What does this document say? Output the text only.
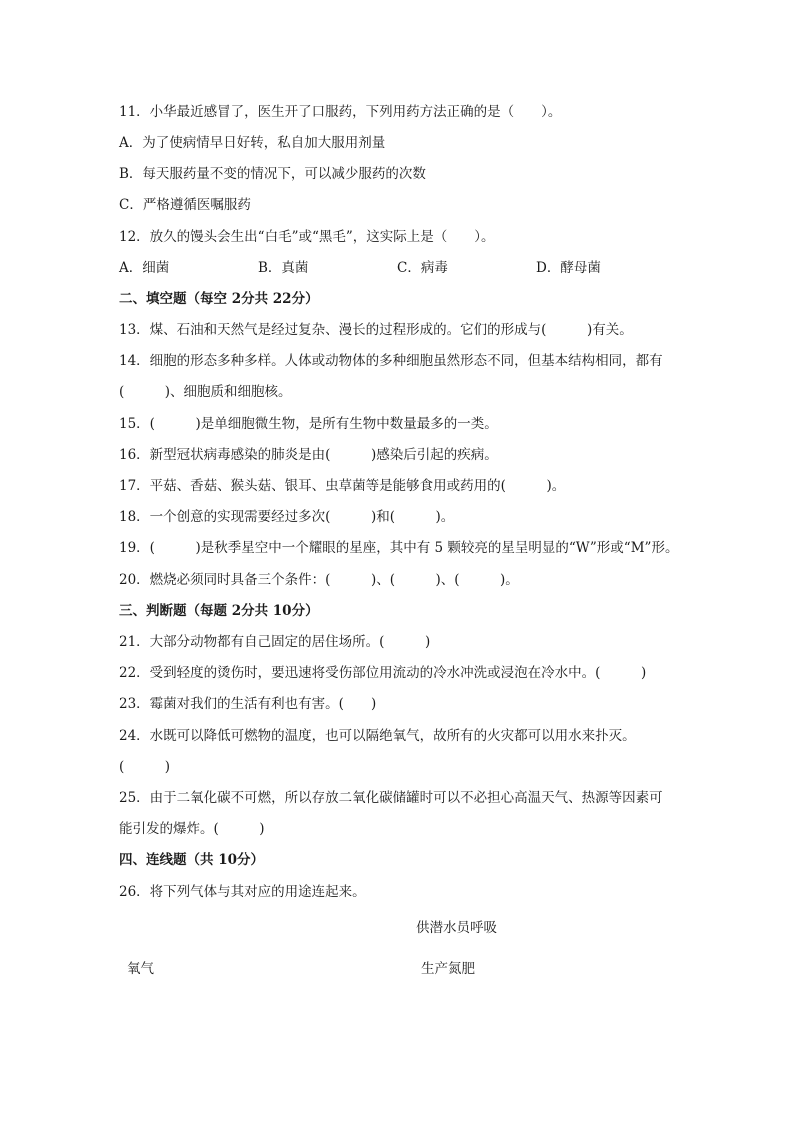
11．小华最近感冒了，医生开了口服药，下列用药方法正确的是（　　）。
A．为了使病情早日好转，私自加大服用剂量
B．每天服药量不变的情况下，可以减少服药的次数
C．严格遵循医嘱服药
12．放久的馒头会生出“白毛”或“黑毛”，这实际上是（　　）。
A．细菌	B．真菌	C．病毒	D．酵母菌
二、填空题（每空 2分共 22分）
13．煤、石油和天然气是经过复杂、漫长的过程形成的。它们的形成与(　　　)有关。
14．细胞的形态多种多样。人体或动物体的多种细胞虽然形态不同，但基本结构相同，都有
(　　　)、细胞质和细胞核。
15．(　　　)是单细胞微生物，是所有生物中数量最多的一类。
16．新型冠状病毒感染的肺炎是由(　　　)感染后引起的疾病。
17．平菇、香菇、猴头菇、银耳、虫草菌等是能够食用或药用的(　　　)。
18．一个创意的实现需要经过多次(　　　)和(　　　)。
19．(　　　)是秋季星空中一个耀眼的星座，其中有 5 颗较亮的星呈明显的“W”形或“M”形。
20．燃烧必须同时具备三个条件：(　　　)、(　　　)、(　　　)。
三、判断题（每题 2分共 10分）
21．大部分动物都有自己固定的居住场所。(　　　)
22．受到轻度的烫伤时，要迅速将受伤部位用流动的冷水冲洗或浸泡在冷水中。(　　　)
23．霉菌对我们的生活有利也有害。(　　)
24．水既可以降低可燃物的温度，也可以隔绝氧气，故所有的火灾都可以用水来扑灭。
(　　　)
25．由于二氧化碳不可燃，所以存放二氧化碳储罐时可以不必担心高温天气、热源等因素可
能引发的爆炸。(　　　)
四、连线题（共 10分）
26．将下列气体与其对应的用途连起来。
供潜水员呼吸
氧气	生产氮肥
